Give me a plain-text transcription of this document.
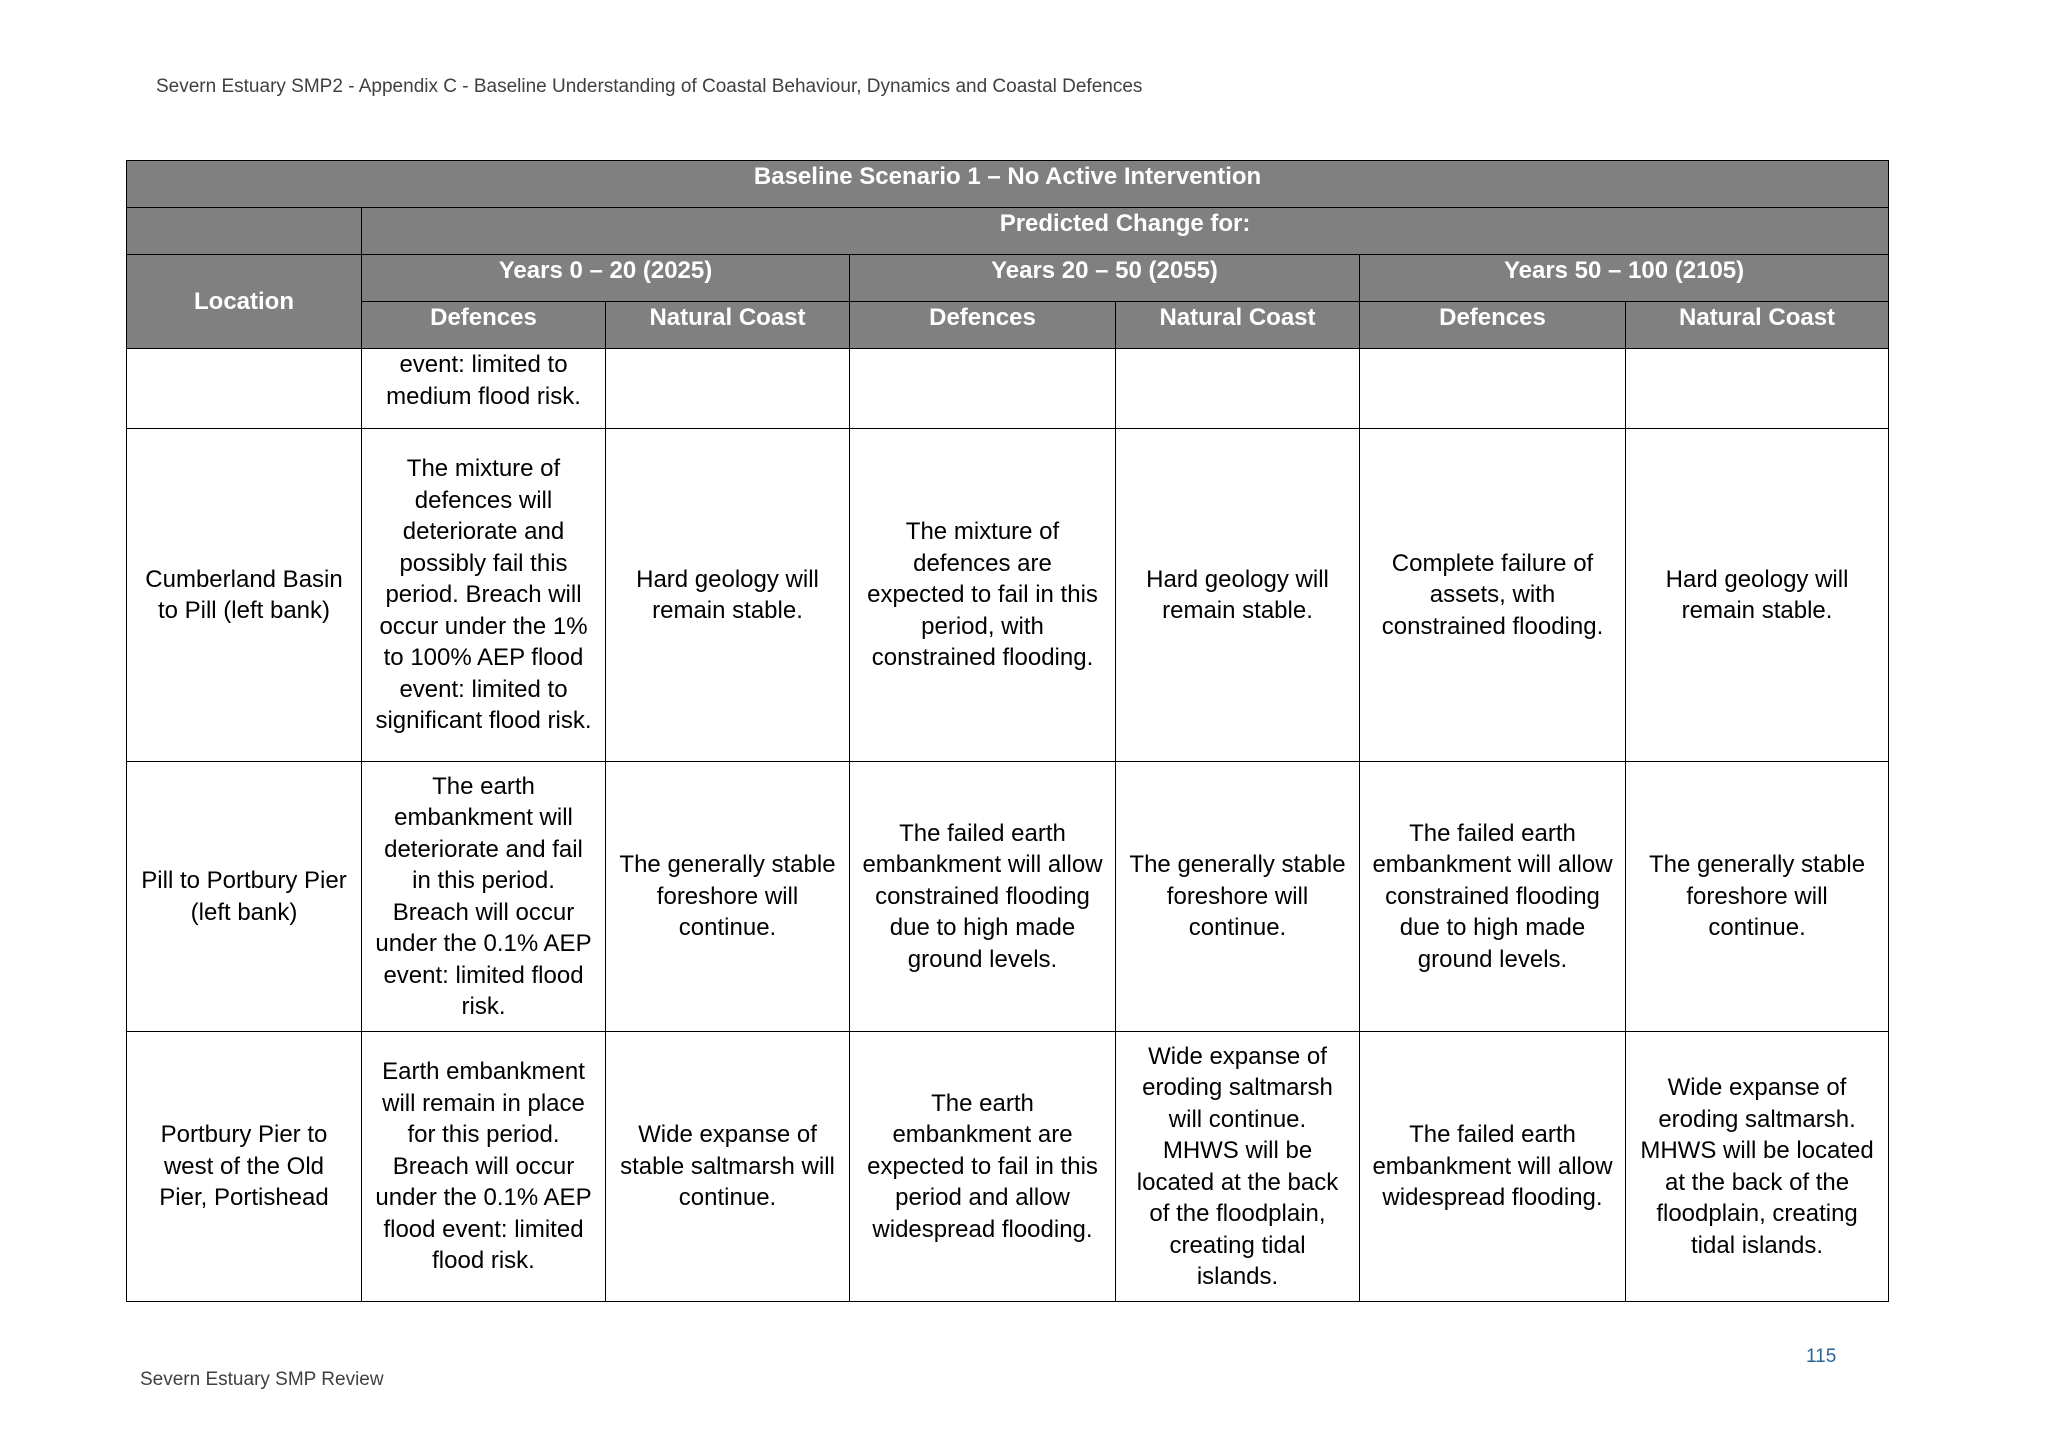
Severn Estuary SMP2 - Appendix C - Baseline Understanding of Coastal Behaviour, Dynamics and Coastal Defences
Baseline Scenario 1 – No Active Intervention						
	Predicted Change for:					
Location	Years 0 – 20 (2025)		Years 20 – 50 (2055)		Years 50 – 100 (2105)	
	Defences	Natural Coast	Defences	Natural Coast	Defences	Natural Coast
	event: limited to medium flood risk.					
Cumberland Basin to Pill (left bank)	The mixture of defences will deteriorate and possibly fail this period. Breach will occur under the 1% to 100% AEP flood event: limited to significant flood risk.	Hard geology will remain stable.	The mixture of defences are expected to fail in this period, with constrained flooding.	Hard geology will remain stable.	Complete failure of assets, with constrained flooding.	Hard geology will remain stable.
Pill to Portbury Pier (left bank)	The earth embankment will deteriorate and fail in this period. Breach will occur under the 0.1% AEP event: limited flood risk.	The generally stable foreshore will continue.	The failed earth embankment will allow constrained flooding due to high made ground levels.	The generally stable foreshore will continue.	The failed earth embankment will allow constrained flooding due to high made ground levels.	The generally stable foreshore will continue.
Portbury Pier to west of the Old Pier, Portishead	Earth embankment will remain in place for this period. Breach will occur under the 0.1% AEP flood event: limited flood risk.	Wide expanse of stable saltmarsh will continue.	The earth embankment are expected to fail in this period and allow widespread flooding.	Wide expanse of eroding saltmarsh will continue. MHWS will be located at the back of the floodplain, creating tidal islands.	The failed earth embankment will allow widespread flooding.	Wide expanse of eroding saltmarsh. MHWS will be located at the back of the floodplain, creating tidal islands.
Severn Estuary SMP Review
115
